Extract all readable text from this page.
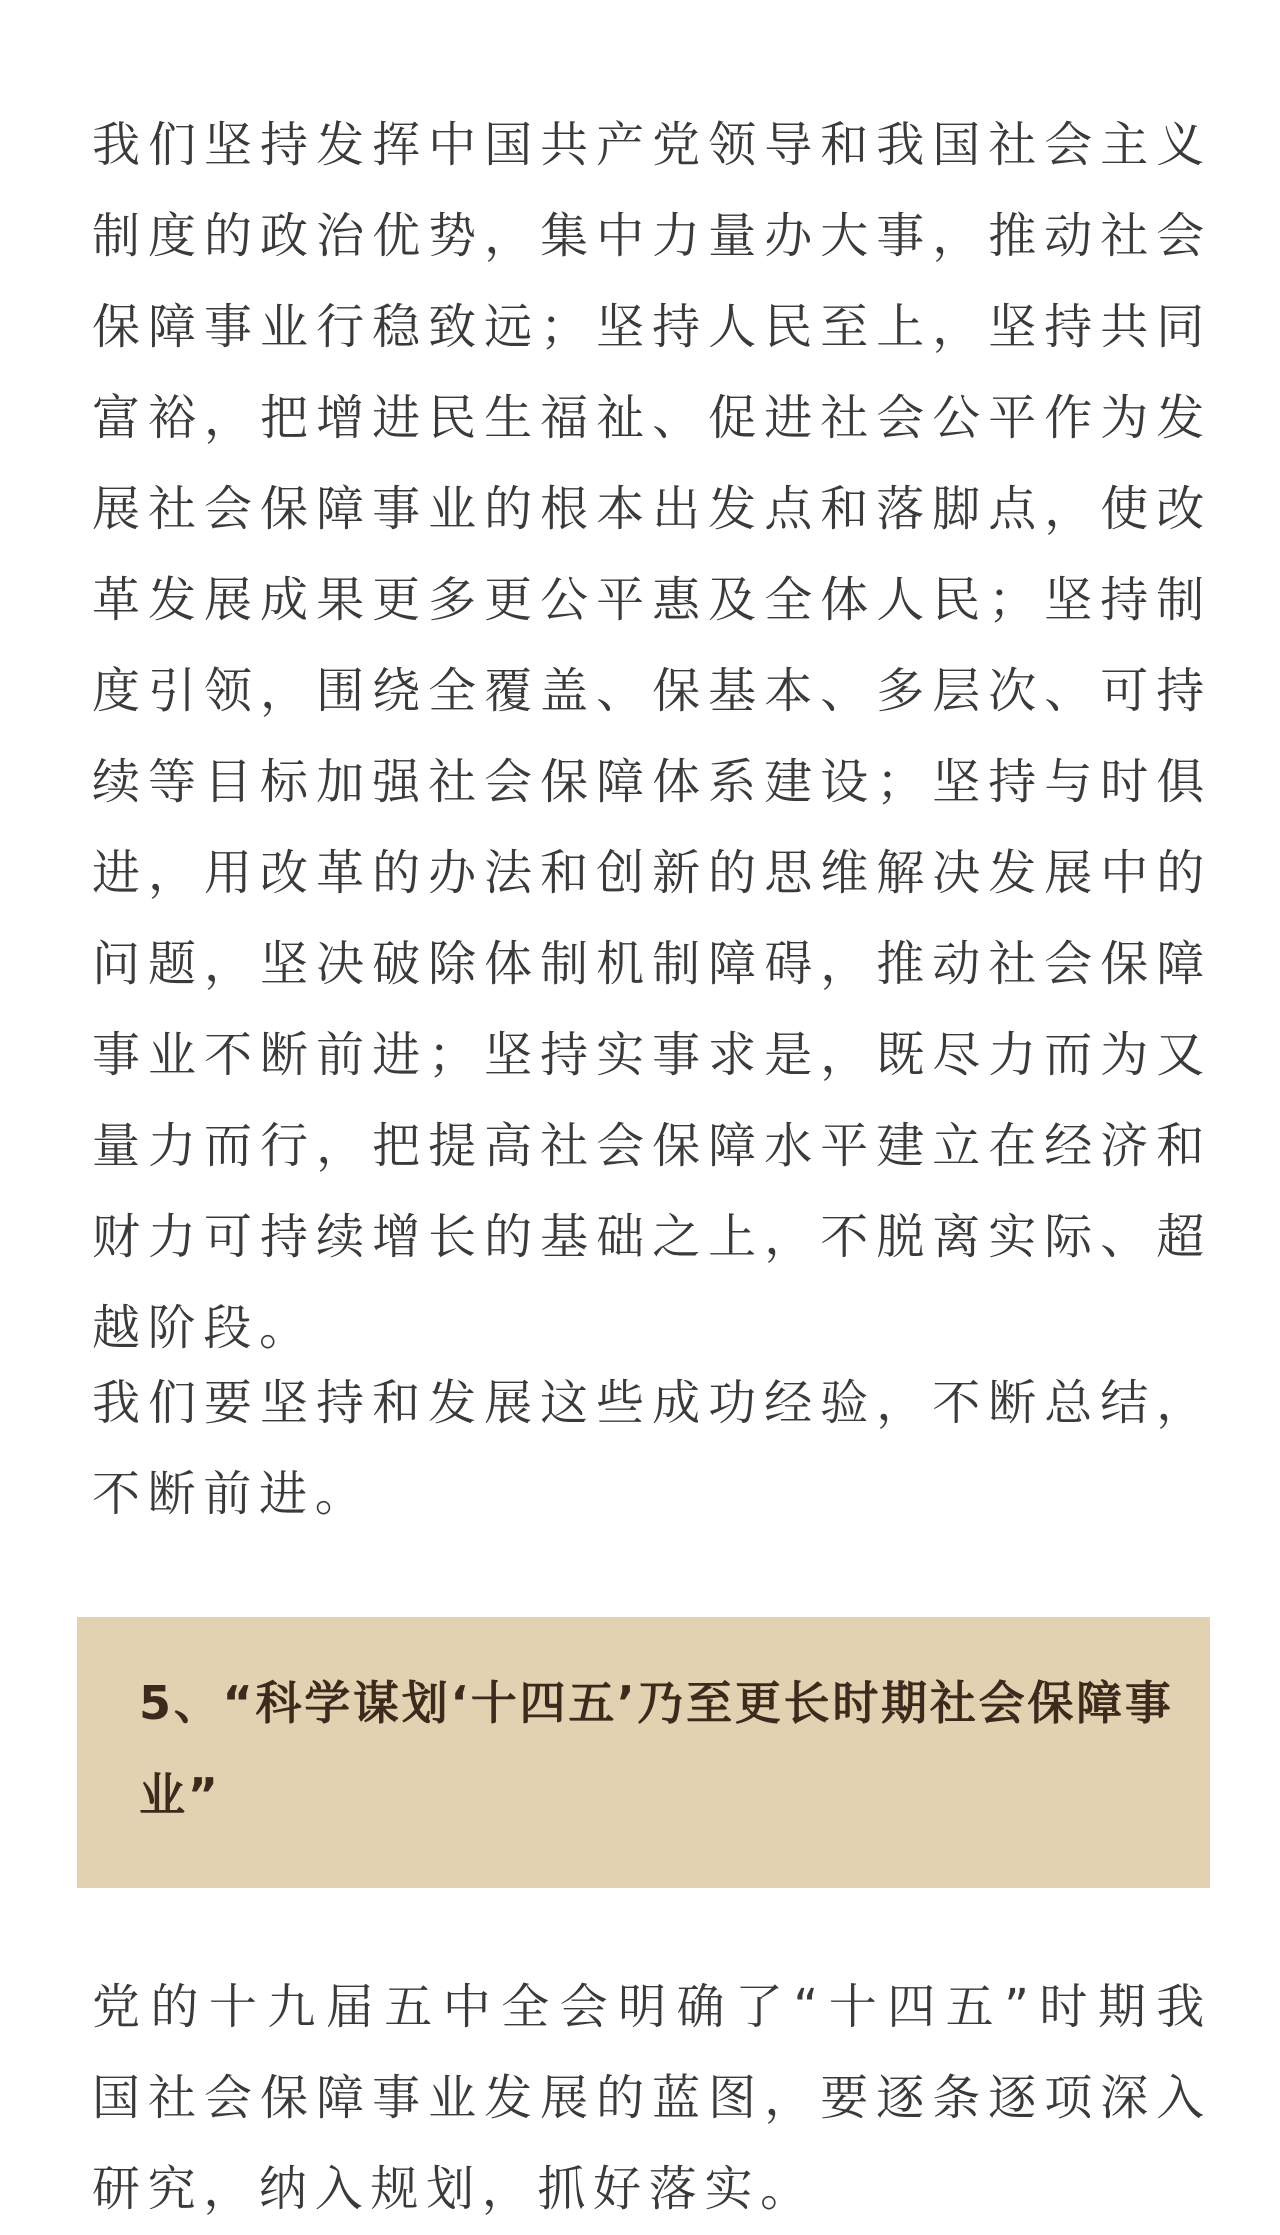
我们坚持发挥中国共产党领导和我国社会主义制度的政治优势，集中力量办大事，推动社会保障事业行稳致远；坚持人民至上，坚持共同富裕，把增进民生福祉、促进社会公平作为发展社会保障事业的根本出发点和落脚点，使改革发展成果更多更公平惠及全体人民；坚持制度引领，围绕全覆盖、保基本、多层次、可持续等目标加强社会保障体系建设；坚持与时俱进，用改革的办法和创新的思维解决发展中的问题，坚决破除体制机制障碍，推动社会保障事业不断前进；坚持实事求是，既尽力而为又量力而行，把提高社会保障水平建立在经济和财力可持续增长的基础之上，不脱离实际、超越阶段。

我们要坚持和发展这些成功经验，不断总结，不断前进。

5、“科学谋划‘十四五’乃至更长时期社会保障事业”

党的十九届五中全会明确了“十四五”时期我国社会保障事业发展的蓝图，要逐条逐项深入研究，纳入规划，抓好落实。
